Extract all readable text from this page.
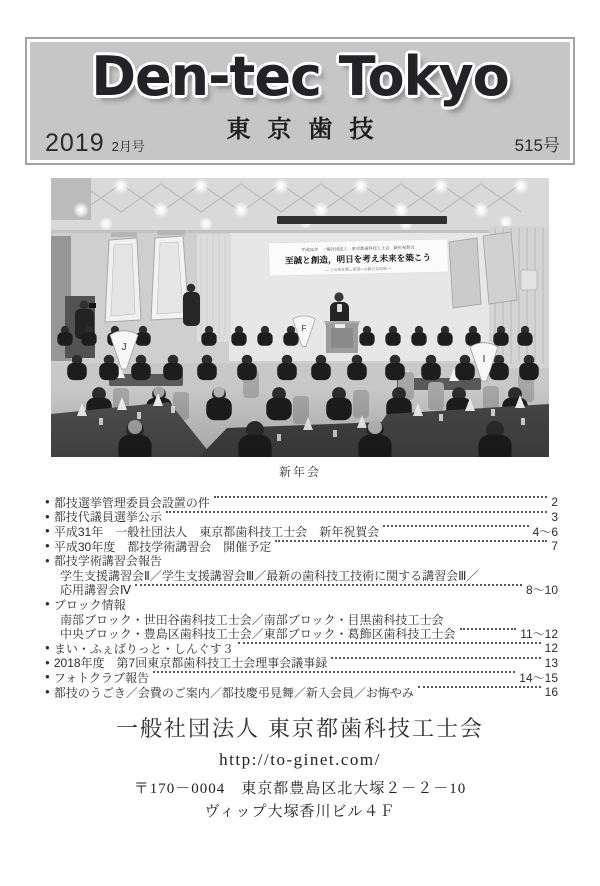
Den-tec Tokyo
東京歯技
2019 2月号	515号
平成31年　一般社団法人　東京都歯科技工士会　新年祝賀会
至誠と創造，明日を考え未来を築こう
― この技を愛し希望への新たな出発 ―
J
F
I
新年会
● 都技選挙管理委員会設置の件	2
● 都技代議員選挙公示	3
● 平成31年　一般社団法人　東京都歯科技工士会　新年祝賀会	4～6
● 平成30年度　都技学術講習会　開催予定	7
● 都技学術講習会報告
学生支援講習会Ⅱ／学生支援講習会Ⅲ／最新の歯科技工技術に関する講習会Ⅲ／
応用講習会Ⅳ	8～10
● ブロック情報
南部ブロック・世田谷歯科技工士会／南部ブロック・目黒歯科技工士会
中央ブロック・豊島区歯科技工士会／東部ブロック・葛飾区歯科技工士会	11～12
● まい・ふぇばりっと・しんぐす３	12
● 2018年度　第7回東京都歯科技工士会理事会議事録	13
● フォトクラブ報告	14～15
● 都技のうごき／会費のご案内／都技慶弔見舞／新入会員／お悔やみ	16
一般社団法人 東京都歯科技工士会
http://to-ginet.com/
〒170－0004　東京都豊島区北大塚２－２－10
ヴィップ大塚香川ビル４Ｆ
